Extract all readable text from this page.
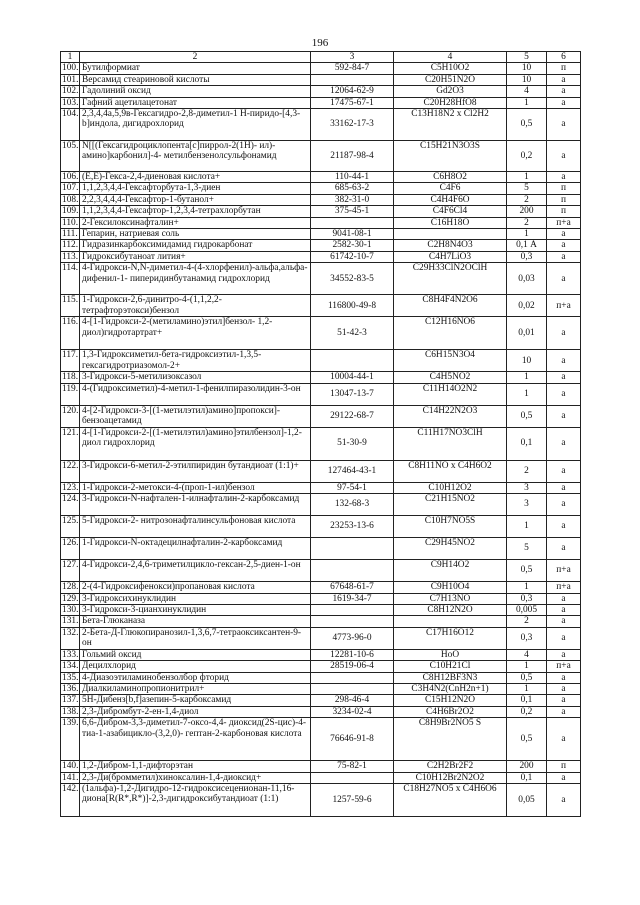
196
1	2	3	4	5	6
100.	Бутилформиат	592-84-7	C5H10O2	10	п
101.	Версамид стеариновой кислоты		C20H51N2O	10	а
102.	Гадолиний оксид	12064-62-9	Gd2O3	4	а
103.	Гафний ацетилацетонат	17475-67-1	C20H28HfO8	1	а
104.	2,3,4,4а,5,9в-Гексагидро-2,8-диметил-1 Н-пиридо-[4,3-b]индола, дигидрохлорид	33162-17-3	C13H18N2 x Cl2H2	0,5	а
105.	N[[(Гексагидроциклопента[c]пиррол-2(1Н)- ил)-амино]карбонил]-4- метилбензенолсульфонамид	21187-98-4	C15H21N3O3S	0,2	а
106.	(Е,Е)-Гекса-2,4-диеновая кислота+	110-44-1	C6H8O2	1	а
107.	1,1,2,3,4,4-Гексафторбута-1,3-диен	685-63-2	C4F6	5	п
108.	2,2,3,4,4,4-Гексафтор-1-бутанол+	382-31-0	C4H4F6O	2	п
109.	1,1,2,3,4,4-Гексафтор-1,2,3,4-тетрахлорбутан	375-45-1	C4F6Cl4	200	п
110.	2-Гексилоксинафталин+		C16H18O	2	п+а
111.	Гепарин, натриевая соль	9041-08-1		1	а
112.	Гидразинкарбоксимидамид гидрокарбонат	2582-30-1	C2H8N4O3	0,1 А	а
113.	Гидроксибутаноат лития+	61742-10-7	C4H7LiO3	0,3	а
114.	4-Гидрокси-N,N-диметил-4-(4-хлорфенил)-альфа,альфа-дифенил-1- пиперидинбутанамид гидрохлорид	34552-83-5	C29H33ClN2OClH	0,03	а
115.	1-Гидрокси-2,6-динитро-4-(1,1,2,2-тетрафторэтокси)бензол	116800-49-8	C8H4F4N2O6	0,02	п+а
116.	4-[1-Гидрокси-2-(метиламино)этил]бензол- 1,2-диол)гидротартрат+	51-42-3	C12H16NO6	0,01	а
117.	1,3-Гидроксиметил-бета-гидроксиэтил-1,3,5-гексагидротриазомол-2+		C6H15N3O4	10	а
118.	3-Гидрокси-5-метилизоксазол	10004-44-1	C4H5NO2	1	а
119.	4-(Гидроксиметил)-4-метил-1-фенилпиразолидин-3-он	13047-13-7	C11H14O2N2	1	а
120.	4-[2-Гидрокси-3-[(1-метилэтил)амино]пропокси]-бензоацетамид	29122-68-7	C14H22N2O3	0,5	а
121.	4-[1-Гидрокси-2-[(1-метилэтил)амино]этилбензол]-1,2-диол гидрохлорид	51-30-9	C11H17NO3ClH	0,1	а
122.	3-Гидрокси-6-метил-2-этилпиридин бутандиоат (1:1)+	127464-43-1	C8H11NO x C4H6O2	2	а
123.	1-Гидрокси-2-метокси-4-(проп-1-ил)бензол	97-54-1	C10H12O2	3	а
124.	3-Гидрокси-N-нафтален-1-илнафталин-2-карбоксамид	132-68-3	C21H15NO2	3	а
125.	5-Гидрокси-2- нитрозонафталинсульфоновая кислота	23253-13-6	C10H7NO5S	1	а
126.	1-Гидрокси-N-октадецилнафталин-2-карбоксамид		C29H45NO2	5	а
127.	4-Гидрокси-2,4,6-триметилцикло-гексан-2,5-диен-1-он		C9H14O2	0,5	п+а
128.	2-(4-Гидроксифенокси)пропановая кислота	67648-61-7	C9H10O4	1	п+а
129.	3-Гидроксихинуклидин	1619-34-7	C7H13NO	0,3	а
130.	3-Гидрокси-3-цианхинуклидин		C8H12N2O	0,005	а
131.	Бета-Глюканаза			2	а
132.	2-Бета-Д-Глюкопиранозил-1,3,6,7-тетраоксиксантен-9-он	4773-96-0	C17H16O12	0,3	а
133.	Гольмий оксид	12281-10-6	HoO	4	а
134.	Децилхлорид	28519-06-4	C10H21Cl	1	п+а
135.	4-Диазоэтиламинобензолбор фторид		C8H12BF3N3	0,5	а
136.	Диалкиламинопропионитрил+		C3H4N2(CnH2n+1)	1	а
137.	5Н-Дибенз[b,f]азепин-5-карбоксамид	298-46-4	C15H12N2O	0,1	а
138.	2,3-Дибромбут-2-ен-1,4-диол	3234-02-4	C4H6Br2O2	0,2	а
139.	6,6-Дибром-3,3-диметил-7-оксо-4,4- диоксид(2S-цис)-4-тиа-1-азабицикло-(3,2,0)- гептан-2-карбоновая кислота	76646-91-8	C8H9Br2NO5 S	0,5	а
140.	1,2-Дибром-1,1-дифторэтан	75-82-1	C2H2Br2F2	200	п
141.	2,3-Ди(бромметил)хиноксалин-1,4-диоксид+		C10H12Br2N2O2	0,1	а
142.	(1альфа)-1,2-Дигидро-12-гидроксисеценионан-11,16-диона[R(R*,R*)]-2,3-дигидроксибутандиоат (1:1)	1257-59-6	C18H27NO5 x C4H6O6	0,05	а
